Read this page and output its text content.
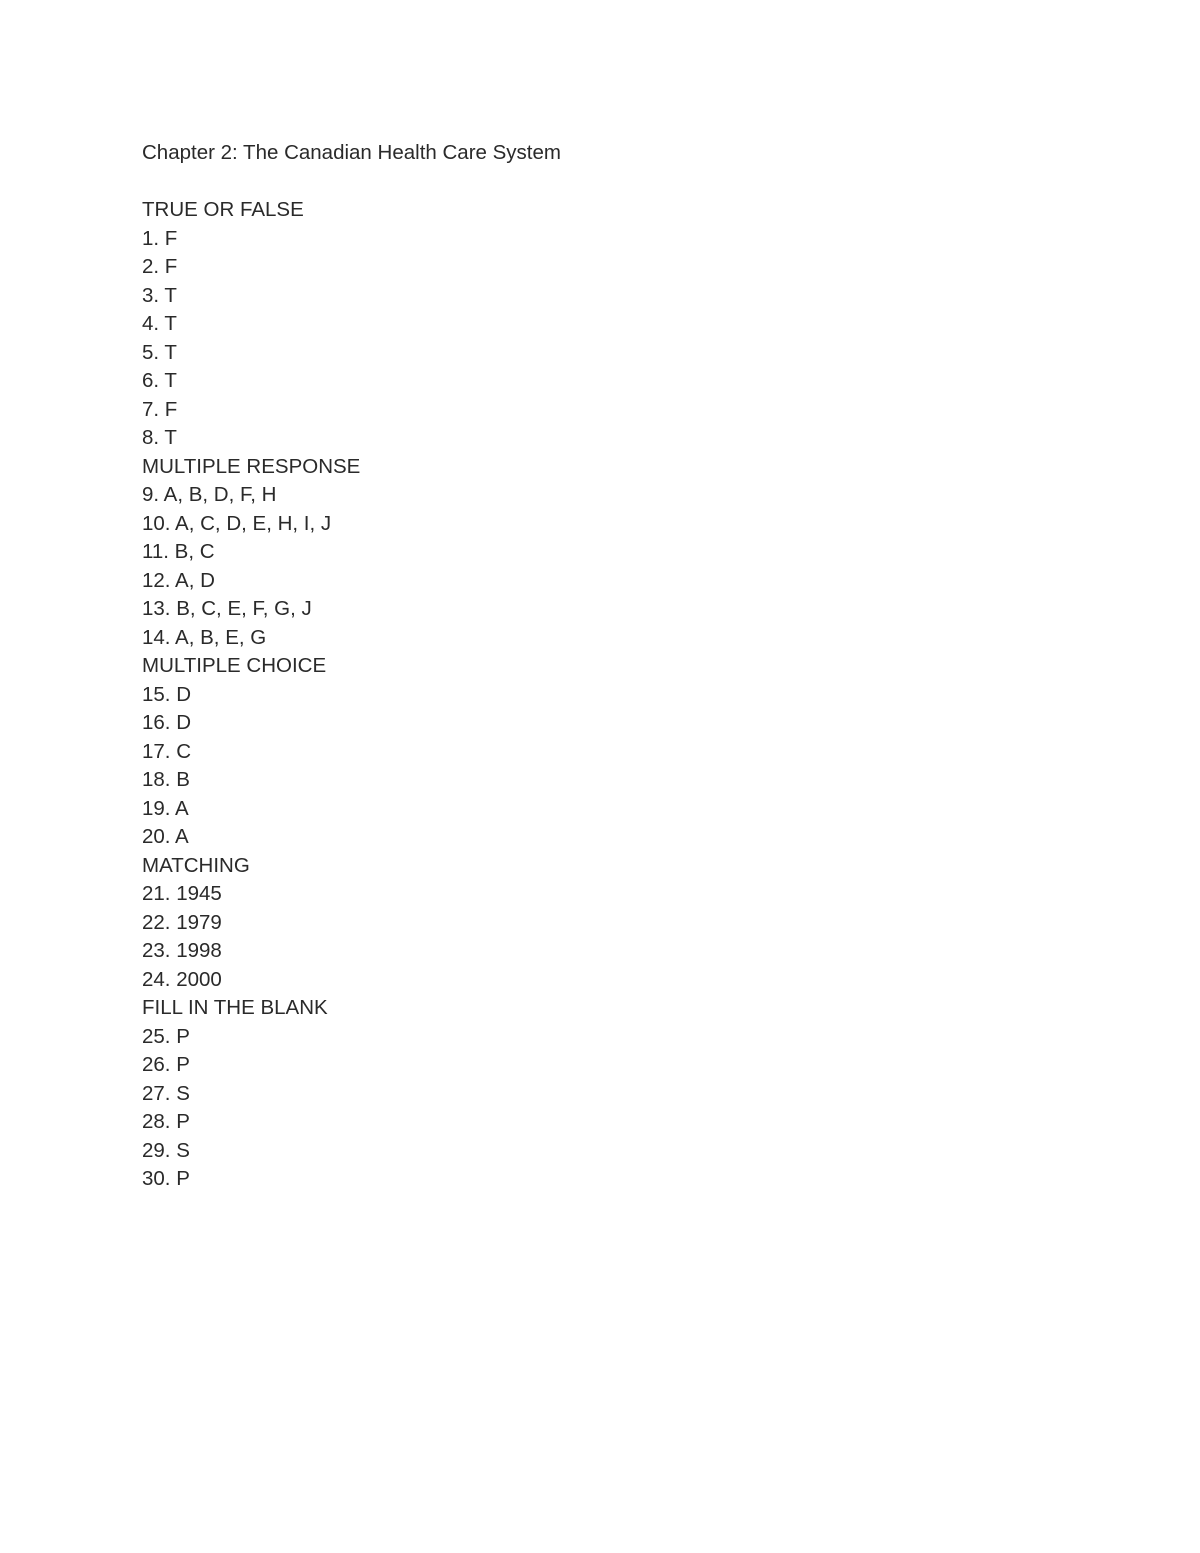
Chapter 2: The Canadian Health Care System
TRUE OR FALSE
1. F
2. F
3. T
4. T
5. T
6. T
7. F
8. T
MULTIPLE RESPONSE
9. A, B, D, F, H
10. A, C, D, E, H, I, J
11. B, C
12. A, D
13. B, C, E, F, G, J
14. A, B, E, G
MULTIPLE CHOICE
15. D
16. D
17. C
18. B
19. A
20. A
MATCHING
21. 1945
22. 1979
23. 1998
24. 2000
FILL IN THE BLANK
25. P
26. P
27. S
28. P
29. S
30. P
